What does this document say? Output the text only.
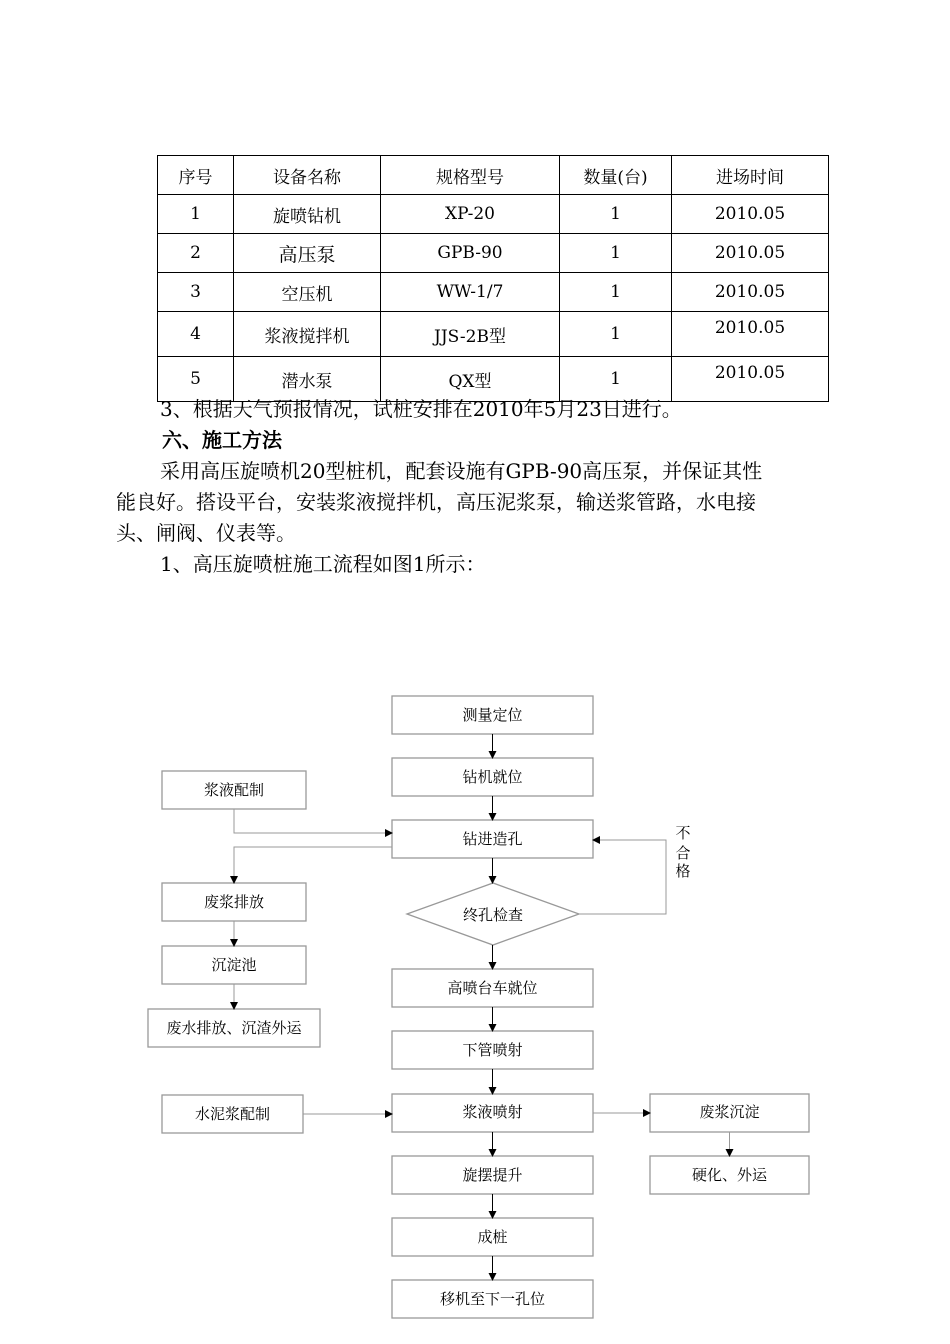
序号	设备名称	规格型号	数量(台)	进场时间
1	旋喷钻机	XP-20	1	2010.05
2	高压泵	GPB-90	1	2010.05
3	空压机	WW-1/7	1	2010.05
4	浆液搅拌机	JJS-2B型	1	2010.05
5	潜水泵	QX型	1	2010.05

3、根据天气预报情况，试桩安排在2010年5月23日进行。

六、施工方法

采用高压旋喷机20型桩机，配套设施有GPB-90高压泵，并保证其性

能良好。搭设平台，安装浆液搅拌机，高压泥浆泵，输送浆管路，水电接

头、闸阀、仪表等。

1、高压旋喷桩施工流程如图1所示：

测量定位
钻机就位
钻进造孔
终孔检查
高喷台车就位
下管喷射
浆液喷射
旋摆提升
成桩
移机至下一孔位
浆液配制
废浆排放
沉淀池
废水排放、沉渣外运
水泥浆配制	废浆沉淀
硬化、外运
不
合
格
